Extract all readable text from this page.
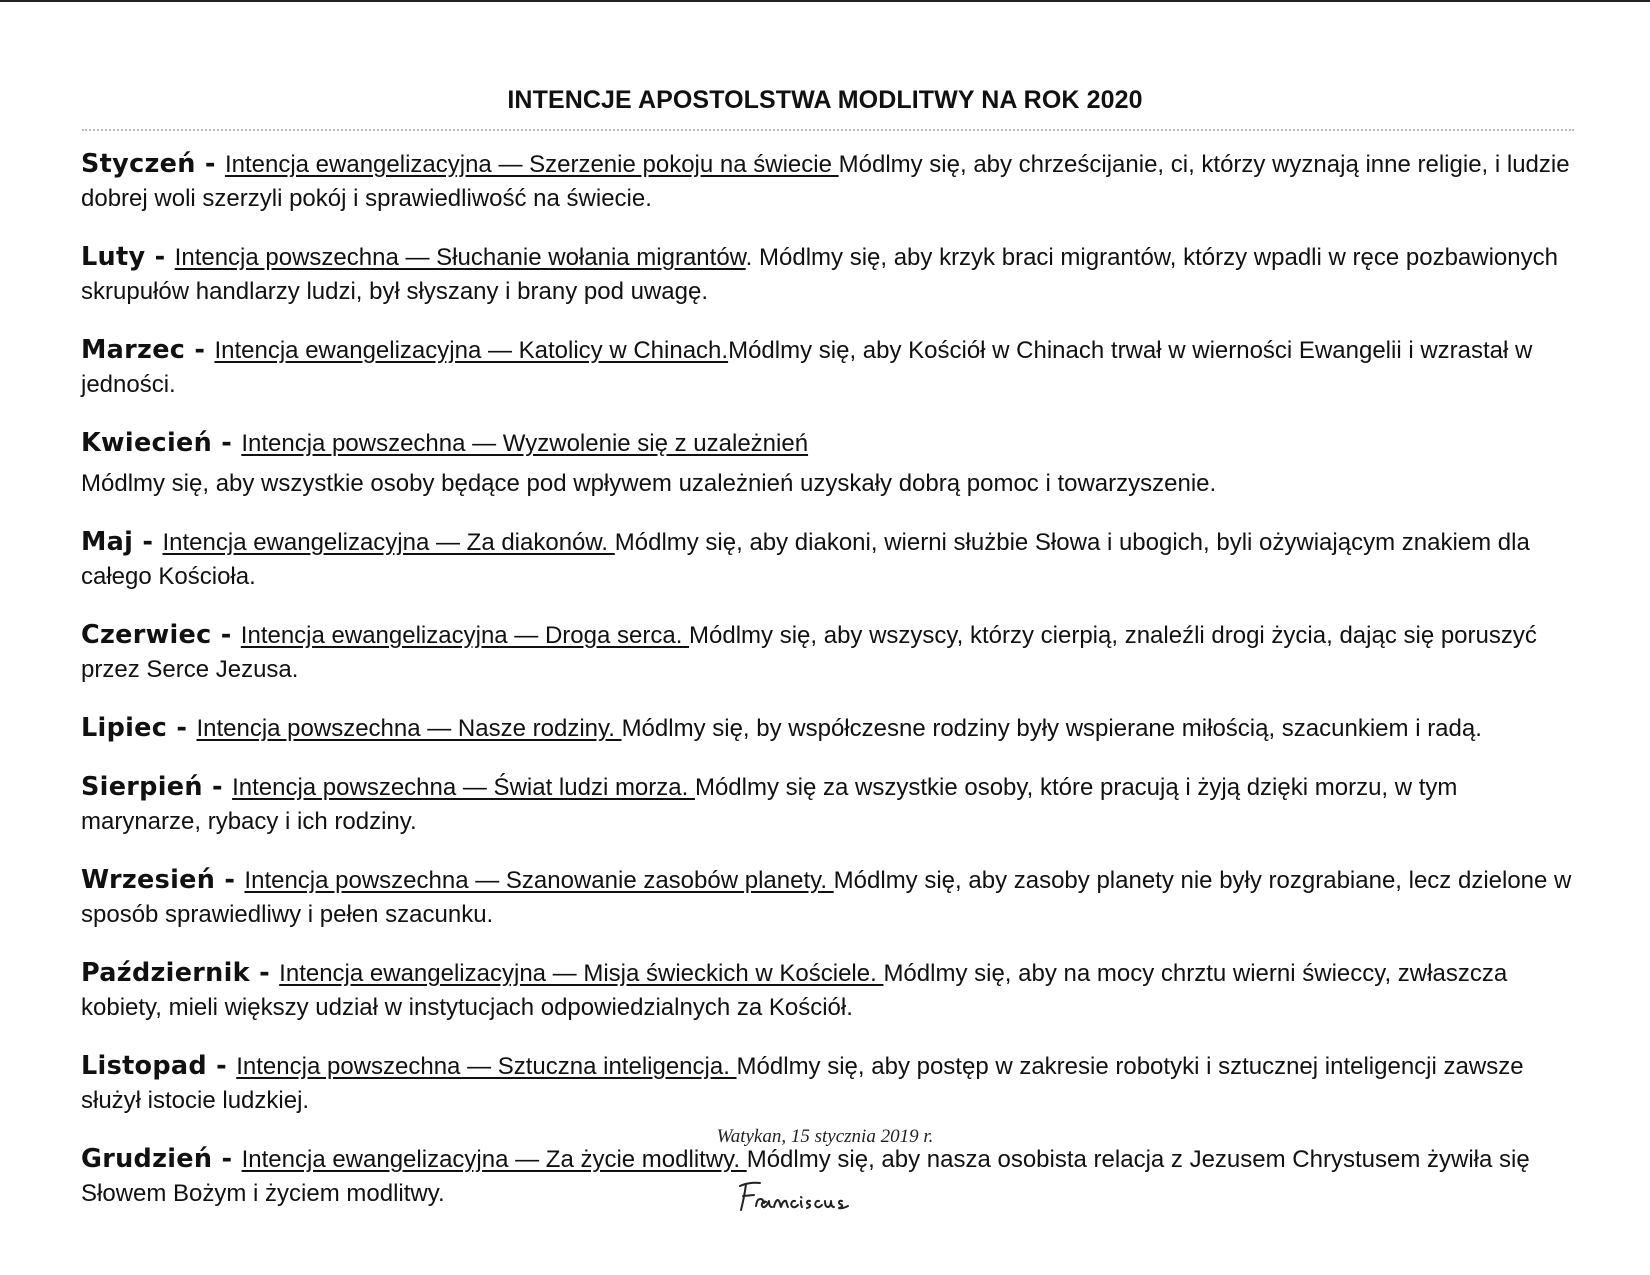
INTENCJE APOSTOLSTWA MODLITWY NA ROK 2020

Styczeń - Intencja ewangelizacyjna — Szerzenie pokoju na świecie Módlmy się, aby chrześcijanie, ci, którzy wyznają inne religie, i ludzie dobrej woli szerzyli pokój i sprawiedliwość na świecie.

Luty - Intencja powszechna — Słuchanie wołania migrantów. Módlmy się, aby krzyk braci migrantów, którzy wpadli w ręce pozbawionych skrupułów handlarzy ludzi, był słyszany i brany pod uwagę.

Marzec - Intencja ewangelizacyjna — Katolicy w Chinach.Módlmy się, aby Kościół w Chinach trwał w wierności Ewangelii i wzrastał w jedności.

Kwiecień - Intencja powszechna — Wyzwolenie się z uzależnień
Módlmy się, aby wszystkie osoby będące pod wpływem uzależnień uzyskały dobrą pomoc i towarzyszenie.

Maj - Intencja ewangelizacyjna — Za diakonów. Módlmy się, aby diakoni, wierni służbie Słowa i ubogich, byli ożywiającym znakiem dla całego Kościoła.

Czerwiec - Intencja ewangelizacyjna — Droga serca. Módlmy się, aby wszyscy, którzy cierpią, znaleźli drogi życia, dając się poruszyć przez Serce Jezusa.

Lipiec - Intencja powszechna — Nasze rodziny. Módlmy się, by współczesne rodziny były wspierane miłością, szacunkiem i radą.

Sierpień - Intencja powszechna — Świat ludzi morza. Módlmy się za wszystkie osoby, które pracują i żyją dzięki morzu, w tym marynarze, rybacy i ich rodziny.

Wrzesień - Intencja powszechna — Szanowanie zasobów planety. Módlmy się, aby zasoby planety nie były rozgrabiane, lecz dzielone w sposób sprawiedliwy i pełen szacunku.

Październik - Intencja ewangelizacyjna — Misja świeckich w Kościele. Módlmy się, aby na mocy chrztu wierni świeccy, zwłaszcza kobiety, mieli większy udział w instytucjach odpowiedzialnych za Kościół.

Listopad - Intencja powszechna — Sztuczna inteligencja. Módlmy się, aby postęp w zakresie robotyki i sztucznej inteligencji zawsze służył istocie ludzkiej.

Grudzień - Intencja ewangelizacyjna — Za życie modlitwy. Módlmy się, aby nasza osobista relacja z Jezusem Chrystusem żywiła się Słowem Bożym i życiem modlitwy.

Watykan, 15 stycznia 2019 r.
